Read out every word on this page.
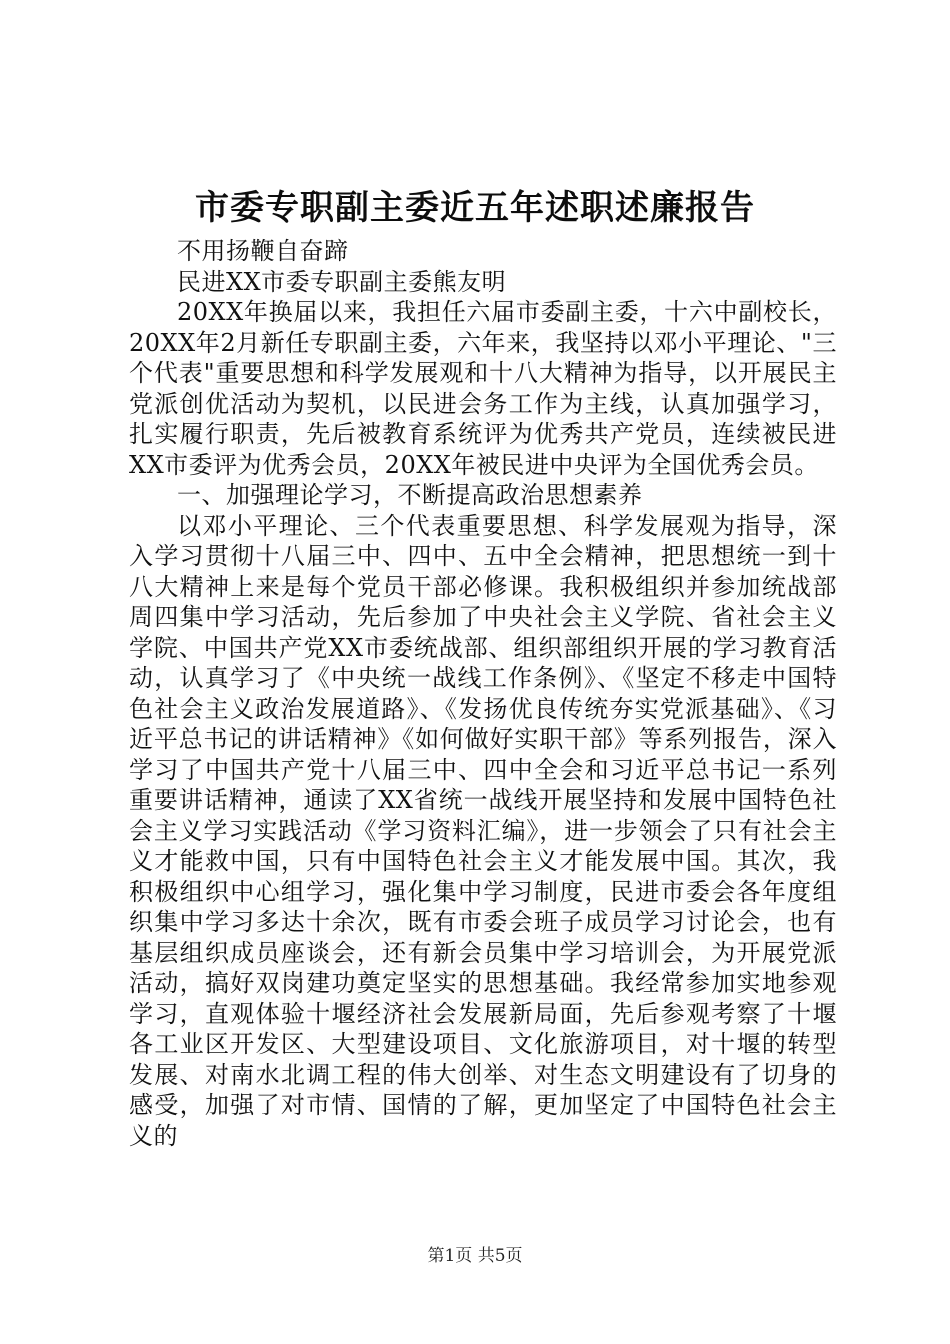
市委专职副主委近五年述职述廉报告

不用扬鞭自奋蹄

民进XX市委专职副主委熊友明

20XX年换届以来，我担任六届市委副主委，十六中副校长，20XX年2月新任专职副主委，六年来，我坚持以邓小平理论、"三个代表"重要思想和科学发展观和十八大精神为指导，以开展民主党派创优活动为契机，以民进会务工作为主线，认真加强学习，扎实履行职责，先后被教育系统评为优秀共产党员，连续被民进XX市委评为优秀会员，20XX年被民进中央评为全国优秀会员。

一、加强理论学习，不断提高政治思想素养

以邓小平理论、三个代表重要思想、科学发展观为指导，深入学习贯彻十八届三中、四中、五中全会精神，把思想统一到十八大精神上来是每个党员干部必修课。我积极组织并参加统战部周四集中学习活动，先后参加了中央社会主义学院、省社会主义学院、中国共产党XX市委统战部、组织部组织开展的学习教育活动，认真学习了《中央统一战线工作条例》、《坚定不移走中国特色社会主义政治发展道路》、《发扬优良传统夯实党派基础》、《习近平总书记的讲话精神》《如何做好实职干部》等系列报告，深入学习了中国共产党十八届三中、四中全会和习近平总书记一系列重要讲话精神，通读了XX省统一战线开展坚持和发展中国特色社会主义学习实践活动《学习资料汇编》，进一步领会了只有社会主义才能救中国，只有中国特色社会主义才能发展中国。其次，我积极组织中心组学习，强化集中学习制度，民进市委会各年度组织集中学习多达十余次，既有市委会班子成员学习讨论会，也有基层组织成员座谈会，还有新会员集中学习培训会，为开展党派活动，搞好双岗建功奠定坚实的思想基础。我经常参加实地参观学习，直观体验十堰经济社会发展新局面，先后参观考察了十堰各工业区开发区、大型建设项目、文化旅游项目，对十堰的转型发展、对南水北调工程的伟大创举、对生态文明建设有了切身的感受，加强了对市情、国情的了解，更加坚定了中国特色社会主义的

第1页 共5页
